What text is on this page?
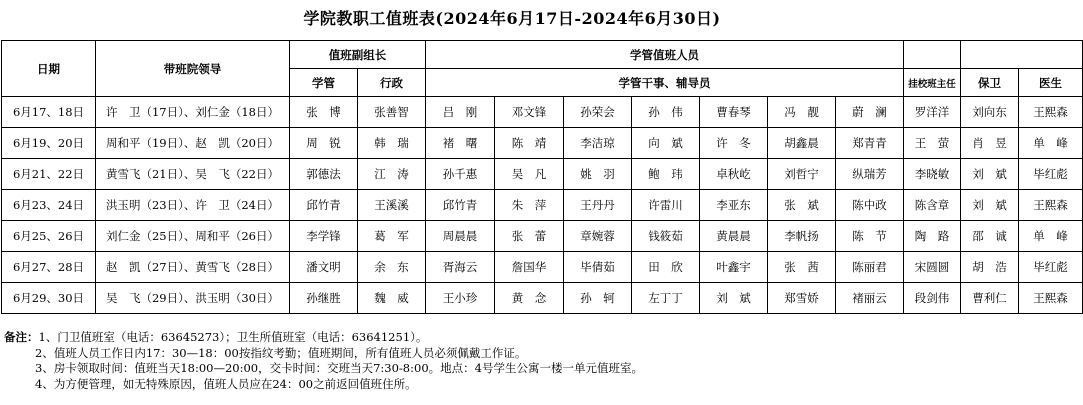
学院教职工值班表(2024年6月17日-2024年6月30日)
日期	带班院领导	值班副组长		学管值班人员									
		学管	行政	学管干事、辅导员							挂校班主任	保卫	医生
6月17、18日	许　卫（17日）、刘仁金（18日）	张　博	张善智	吕　刚	邓文锋	孙荣会	孙　伟	曹春琴	冯　靓	蔚　澜	罗洋洋	刘向东	王熙森
6月19、20日	周和平（19日）、赵　凯（20日）	周　锐	韩　瑞	褚　曙	陈　靖	李洁琼	向　斌	许　冬	胡鑫晨	郑青青	王　萤	肖　昱	单　峰
6月21、22日	黄雪飞（21日）、吴　飞（22日）	郭德法	江　涛	孙千惠	吴　凡	姚　羽	鲍　玮	卓秋屹	刘哲宁	纵瑞芳	李晓敏	刘　斌	毕红彪
6月23、24日	洪玉明（23日）、许　卫（24日）	邱竹青	王溪溪	邱竹青	朱　萍	王丹丹	许雷川	李亚东	张　斌	陈中政	陈含章	刘　斌	王熙森
6月25、26日	刘仁金（25日）、周和平（26日）	李学锋	葛　军	周晨晨	张　蕾	章婉蓉	钱筱茹	黄晨晨	李帆扬	陈　节	陶　路	邵　诚	单　峰
6月27、28日	赵　凯（27日）、黄雪飞（28日）	潘文明	余　东	胥海云	詹国华	毕倩茹	田　欣	叶鑫宇	张　茜	陈丽君	宋圆圆	胡　浩	毕红彪
6月29、30日	吴　飞（29日）、洪玉明（30日）	孙继胜	魏　威	王小珍	黄　念	孙　轲	左丁丁	刘　斌	郑雪娇	褚丽云	段剑伟	曹利仁	王熙森
备注：1、门卫值班室（电话：63645273）；卫生所值班室（电话：63641251）。
2、值班人员工作日内17：30—18：00按指纹考勤；值班期间，所有值班人员必须佩戴工作证。
3、房卡领取时间：值班当天18:00—20:00，交卡时间：交班当天7:30-8:00。地点：4号学生公寓一楼一单元值班室。
4、为方便管理，如无特殊原因，值班人员应在24：00之前返回值班住所。
